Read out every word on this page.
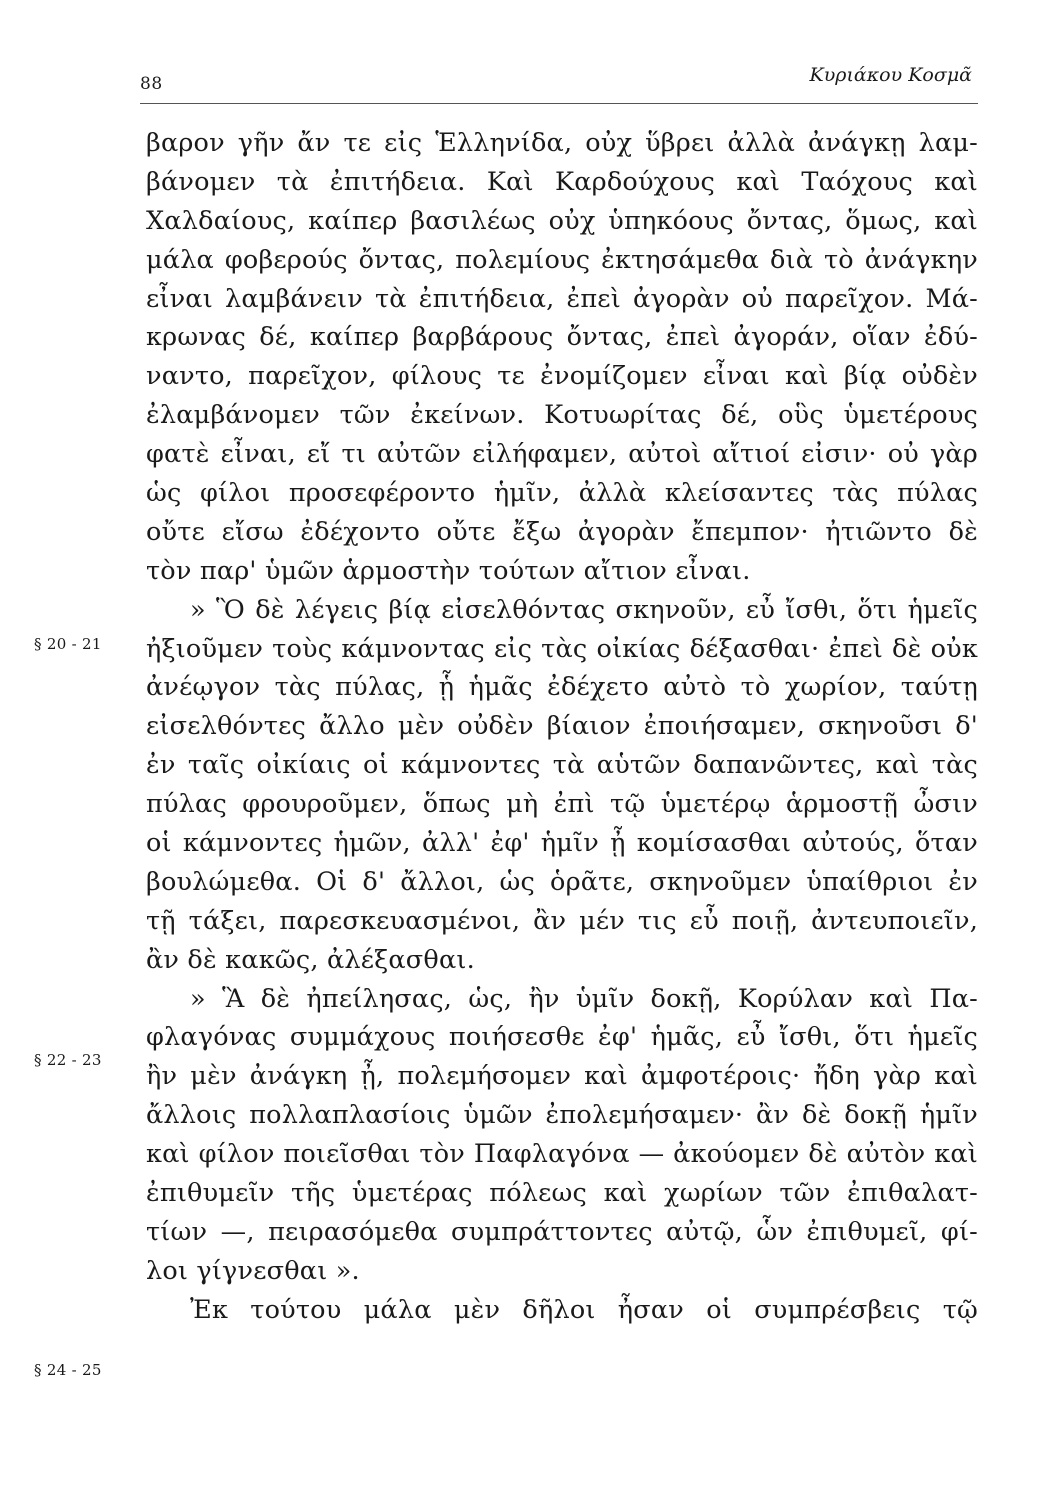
88	Κυριάκου Κοσμᾶ
§ 20 - 21
§ 22 - 23
§ 24 - 25
βαρον γῆν ἄν τε εἰς Ἑλληνίδα, οὐχ ὕβρει ἀλλὰ ἀνάγκῃ λαμ-
βάνομεν τὰ ἐπιτήδεια. Καὶ Καρδούχους καὶ Ταόχους καὶ
Χαλδαίους, καίπερ βασιλέως οὐχ ὑπηκόους ὄντας, ὅμως, καὶ
μάλα φοβερούς ὄντας, πολεμίους ἐκτησάμεθα διὰ τὸ ἀνάγκην
εἶναι λαμβάνειν τὰ ἐπιτήδεια, ἐπεὶ ἀγορὰν οὐ παρεῖχον. Μά-
κρωνας δέ, καίπερ βαρβάρους ὄντας, ἐπεὶ ἀγοράν, οἵαν ἐδύ-
ναντο, παρεῖχον, φίλους τε ἐνομίζομεν εἶναι καὶ βίᾳ οὐδὲν
ἐλαμβάνομεν τῶν ἐκείνων. Κοτυωρίτας δέ, οὓς ὑμετέρους
φατὲ εἶναι, εἴ τι αὐτῶν εἰλήφαμεν, αὐτοὶ αἴτιοί εἰσιν· οὐ γὰρ
ὡς φίλοι προσεφέροντο ἡμῖν, ἀλλὰ κλείσαντες τὰς πύλας
οὔτε εἴσω ἐδέχοντο οὔτε ἔξω ἀγορὰν ἔπεμπον· ἠτιῶντο δὲ
τὸν παρ' ὑμῶν ἁρμοστὴν τούτων αἴτιον εἶναι.
» Ὃ δὲ λέγεις βίᾳ εἰσελθόντας σκηνοῦν, εὖ ἴσθι, ὅτι ἡμεῖς
ἠξιοῦμεν τοὺς κάμνοντας εἰς τὰς οἰκίας δέξασθαι· ἐπεὶ δὲ οὐκ
ἀνέῳγον τὰς πύλας, ᾗ ἡμᾶς ἐδέχετο αὐτὸ τὸ χωρίον, ταύτῃ
εἰσελθόντες ἄλλο μὲν οὐδὲν βίαιον ἐποιήσαμεν, σκηνοῦσι δ'
ἐν ταῖς οἰκίαις οἱ κάμνοντες τὰ αὑτῶν δαπανῶντες, καὶ τὰς
πύλας φρουροῦμεν, ὅπως μὴ ἐπὶ τῷ ὑμετέρῳ ἁρμοστῇ ὦσιν
οἱ κάμνοντες ἡμῶν, ἀλλ' ἐφ' ἡμῖν ᾖ κομίσασθαι αὐτούς, ὅταν
βουλώμεθα. Οἱ δ' ἄλλοι, ὡς ὁρᾶτε, σκηνοῦμεν ὑπαίθριοι ἐν
τῇ τάξει, παρεσκευασμένοι, ἂν μέν τις εὖ ποιῇ, ἀντευποιεῖν,
ἂν δὲ κακῶς, ἀλέξασθαι.
» Ἃ δὲ ἠπείλησας, ὡς, ἢν ὑμῖν δοκῇ, Κορύλαν καὶ Πα-
φλαγόνας συμμάχους ποιήσεσθε ἐφ' ἡμᾶς, εὖ ἴσθι, ὅτι ἡμεῖς
ἢν μὲν ἀνάγκη ᾖ, πολεμήσομεν καὶ ἀμφοτέροις· ἤδη γὰρ καὶ
ἄλλοις πολλαπλασίοις ὑμῶν ἐπολεμήσαμεν· ἂν δὲ δοκῇ ἡμῖν
καὶ φίλον ποιεῖσθαι τὸν Παφλαγόνα — ἀκούομεν δὲ αὐτὸν καὶ
ἐπιθυμεῖν τῆς ὑμετέρας πόλεως καὶ χωρίων τῶν ἐπιθαλατ-
τίων —, πειρασόμεθα συμπράττοντες αὐτῷ, ὧν ἐπιθυμεῖ, φί-
λοι γίγνεσθαι ».
Ἐκ τούτου μάλα μὲν δῆλοι ἦσαν οἱ συμπρέσβεις τῷ
